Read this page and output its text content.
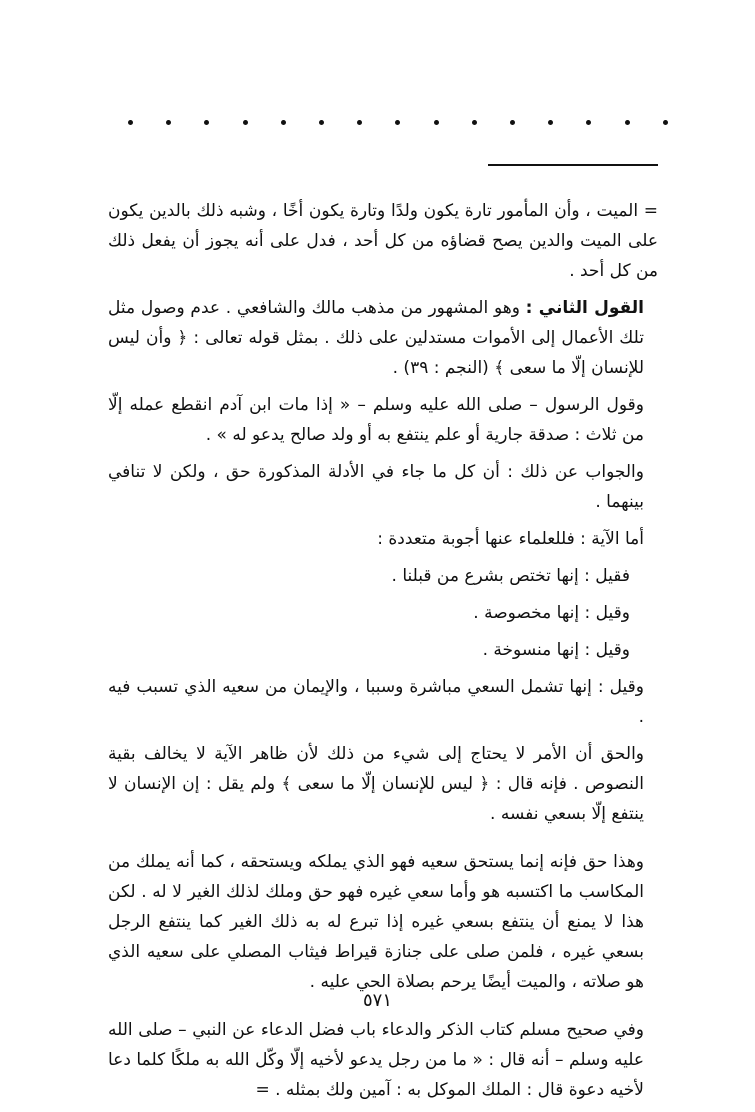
= الميت ، وأن المأمور تارة يكون ولدًا وتارة يكون أخًا ، وشبه ذلك بالدين يكون على الميت والدين يصح قضاؤه من كل أحد ، فدل على أنه يجوز أن يفعل ذلك من كل أحد .

القول الثاني : وهو المشهور من مذهب مالك والشافعي . عدم وصول مثل تلك الأعمال إلى الأموات مستدلين على ذلك . بمثل قوله تعالى : ﴿ وأن ليس للإنسان إلّا ما سعى ﴾ (النجم : ٣٩) .

وقول الرسول – صلى الله عليه وسلم – « إذا مات ابن آدم انقطع عمله إلّا من ثلاث : صدقة جارية أو علم ينتفع به أو ولد صالح يدعو له » .

والجواب عن ذلك : أن كل ما جاء في الأدلة المذكورة حق ، ولكن لا تنافي بينهما .

أما الآية : فللعلماء عنها أجوبة متعددة :

فقيل : إنها تختص بشرع من قبلنا .

وقيل : إنها مخصوصة .

وقيل : إنها منسوخة .

وقيل : إنها تشمل السعي مباشرة وسببا ، والإيمان من سعيه الذي تسبب فيه .

والحق أن الأمر لا يحتاج إلى شيء من ذلك لأن ظاهر الآية لا يخالف بقية النصوص . فإنه قال : ﴿ ليس للإنسان إلّا ما سعى ﴾ ولم يقل : إن الإنسان لا ينتفع إلّا بسعي نفسه .

وهذا حق فإنه إنما يستحق سعيه فهو الذي يملكه ويستحقه ، كما أنه يملك من المكاسب ما اكتسبه هو وأما سعي غيره فهو حق وملك لذلك الغير لا له . لكن هذا لا يمنع أن ينتفع بسعي غيره إذا تبرع له به ذلك الغير كما ينتفع الرجل بسعي غيره ، فلمن صلى على جنازة قيراط فيثاب المصلي على سعيه الذي هو صلاته ، والميت أيضًا يرحم بصلاة الحي عليه .

وفي صحيح مسلم كتاب الذكر والدعاء باب فضل الدعاء عن النبي – صلى الله عليه وسلم – أنه قال : « ما من رجل يدعو لأخيه إلّا وكّل الله به ملكًا كلما دعا لأخيه دعوة قال : الملك الموكل به : آمين ولك بمثله . =

٥٧١
